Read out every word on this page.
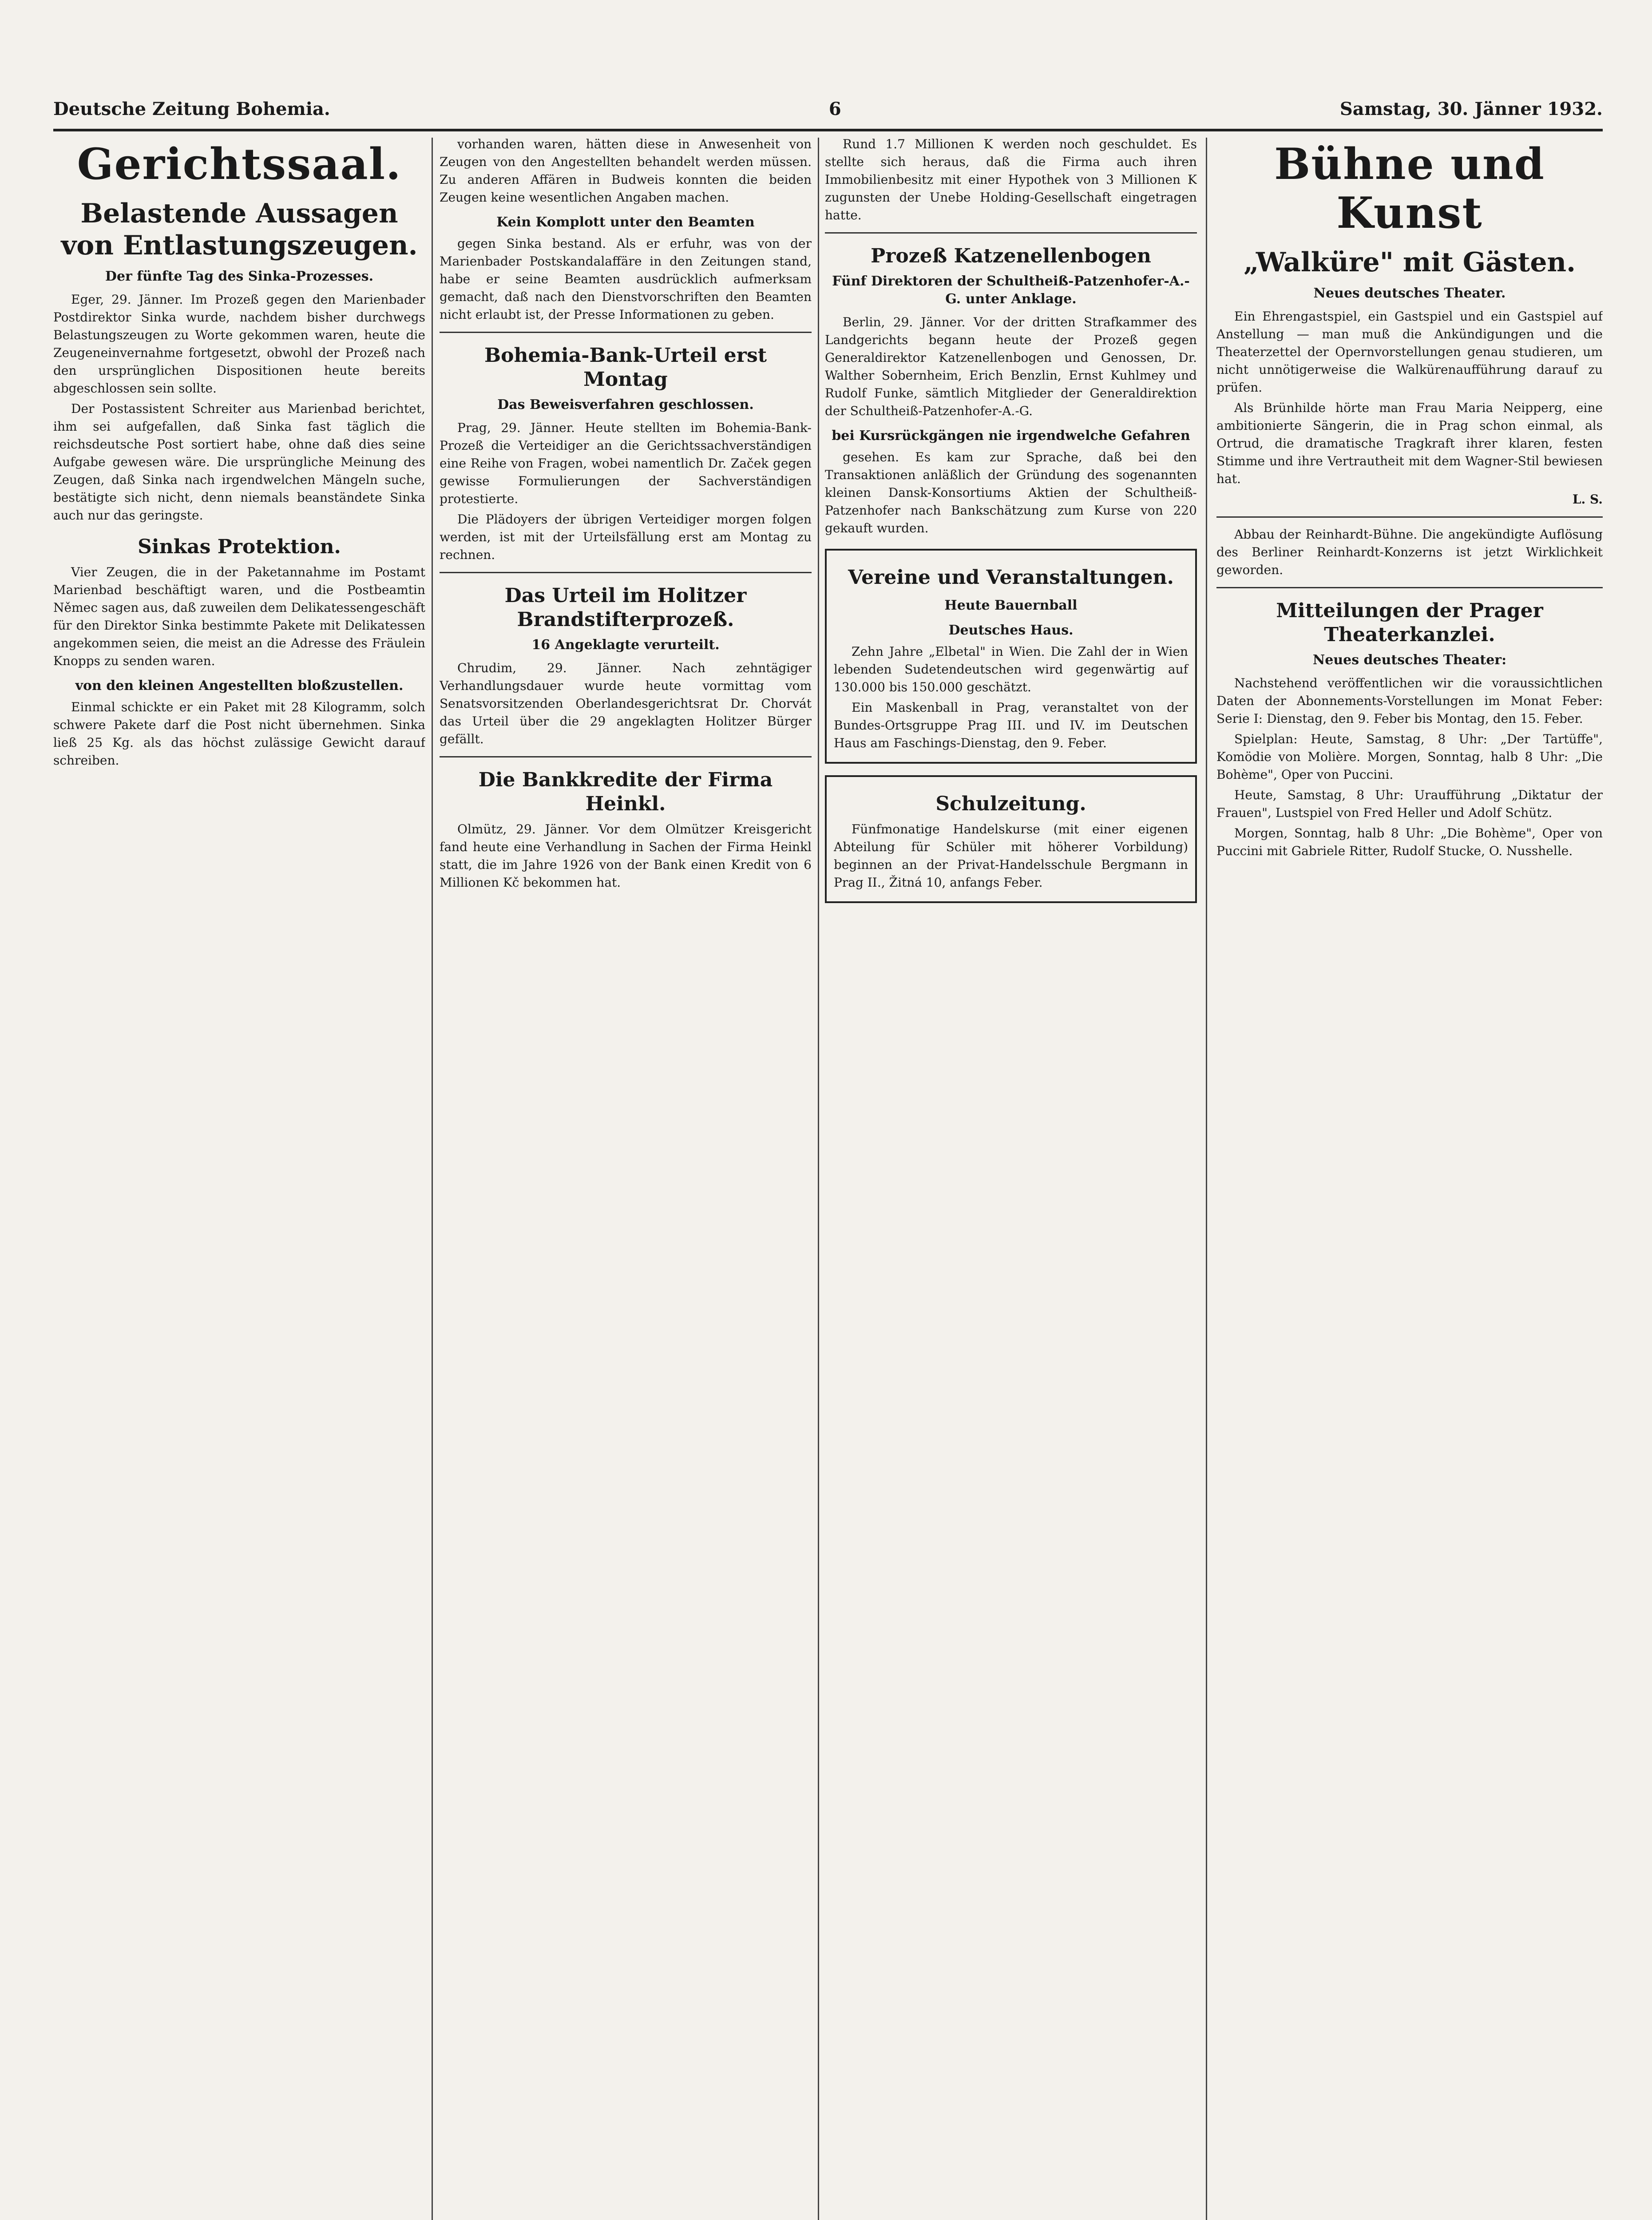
Deutsche Zeitung Bohemia.	6	Samstag, 30. Jänner 1932.
Gerichtssaal.
Belastende Aussagen von Entlastungszeugen.
Der fünfte Tag des Sinka-Prozesses.

Eger, 29. Jänner. Im Prozeß gegen den Marienbader Postdirektor Sinka wurde, nachdem bisher durchwegs Belastungszeugen zu Worte gekommen waren, heute die Zeugeneinvernahme fortgesetzt, obwohl der Prozeß nach den ursprünglichen Dispositionen heute bereits abgeschlossen sein sollte.

Der Postassistent Schreiter aus Marienbad berichtet, ihm sei aufgefallen, daß Sinka fast täglich die reichsdeutsche Post sortiert habe, ohne daß dies seine Aufgabe gewesen wäre. Die ursprüngliche Meinung des Zeugen, daß Sinka nach irgendwelchen Mängeln suche, bestätigte sich nicht, denn niemals beanständete Sinka auch nur das geringste.

Sinkas Protektion.

Vier Zeugen, die in der Paketannahme im Postamt Marienbad beschäftigt waren, und die Postbeamtin Němec sagen aus, daß zuweilen dem Delikatessengeschäft für den Direktor Sinka bestimmte Pakete mit Delikatessen angekommen seien, die meist an die Adresse des Fräulein Knopps zu senden waren.

von den kleinen Angestellten bloßzustellen.

Einmal schickte er ein Paket mit 28 Kilogramm, solch schwere Pakete darf die Post nicht übernehmen. Sinka ließ 25 Kg. als das höchst zulässige Gewicht darauf schreiben.

vorhanden waren, hätten diese in Anwesenheit von Zeugen von den Angestellten behandelt werden müssen. Zu anderen Affären in Budweis konnten die beiden Zeugen keine wesentlichen Angaben machen.

Kein Komplott unter den Beamten

gegen Sinka bestand. Als er erfuhr, was von der Marienbader Postskandalaffäre in den Zeitungen stand, habe er seine Beamten ausdrücklich aufmerksam gemacht, daß nach den Dienstvorschriften den Beamten nicht erlaubt ist, der Presse Informationen zu geben.

Bohemia-Bank-Urteil erst Montag
Das Beweisverfahren geschlossen.

Prag, 29. Jänner. Heute stellten im Bohemia-Bank-Prozeß die Verteidiger an die Gerichtssachverständigen eine Reihe von Fragen, wobei namentlich Dr. Začek gegen gewisse Formulierungen der Sachverständigen protestierte.

Die Plädoyers der übrigen Verteidiger morgen folgen werden, ist mit der Urteilsfällung erst am Montag zu rechnen.

Das Urteil im Holitzer Brandstifterprozeß.
16 Angeklagte verurteilt.

Chrudim, 29. Jänner. Nach zehntägiger Verhandlungsdauer wurde heute vormittag vom Senatsvorsitzenden Oberlandesgerichtsrat Dr. Chorvát das Urteil über die 29 angeklagten Holitzer Bürger gefällt.

Die Bankkredite der Firma Heinkl.

Olmütz, 29. Jänner. Vor dem Olmützer Kreisgericht fand heute eine Verhandlung in Sachen der Firma Heinkl statt, die im Jahre 1926 von der Bank einen Kredit von 6 Millionen Kč bekommen hat.

Rund 1.7 Millionen K werden noch geschuldet. Es stellte sich heraus, daß die Firma auch ihren Immobilienbesitz mit einer Hypothek von 3 Millionen K zugunsten der Unebe Holding-Gesellschaft eingetragen hatte.

Prozeß Katzenellenbogen
Fünf Direktoren der Schultheiß-Patzenhofer-A.-G. unter Anklage.

Berlin, 29. Jänner. Vor der dritten Strafkammer des Landgerichts begann heute der Prozeß gegen Generaldirektor Katzenellenbogen und Genossen, Dr. Walther Sobernheim, Erich Benzlin, Ernst Kuhlmey und Rudolf Funke, sämtlich Mitglieder der Generaldirektion der Schultheiß-Patzenhofer-A.-G.

bei Kursrückgängen nie irgendwelche Gefahren

gesehen. Es kam zur Sprache, daß bei den Transaktionen anläßlich der Gründung des sogenannten kleinen Dansk-Konsortiums Aktien der Schultheiß-Patzenhofer nach Bankschätzung zum Kurse von 220 gekauft wurden.

Vereine und Veranstaltungen.
Heute Bauernball
Deutsches Haus.

Zehn Jahre „Elbetal" in Wien. Die Zahl der in Wien lebenden Sudetendeutschen wird gegenwärtig auf 130.000 bis 150.000 geschätzt.

Ein Maskenball in Prag, veranstaltet von der Bundes-Ortsgruppe Prag III. und IV. im Deutschen Haus am Faschings-Dienstag, den 9. Feber.

Schulzeitung.

Fünfmonatige Handelskurse (mit einer eigenen Abteilung für Schüler mit höherer Vorbildung) beginnen an der Privat-Handelsschule Bergmann in Prag II., Žitná 10, anfangs Feber.

Bühne und Kunst
„Walküre" mit Gästen.
Neues deutsches Theater.

Ein Ehrengastspiel, ein Gastspiel und ein Gastspiel auf Anstellung — man muß die Ankündigungen und die Theaterzettel der Opernvorstellungen genau studieren, um nicht unnötigerweise die Walkürenaufführung darauf zu prüfen.

Als Brünhilde hörte man Frau Maria Neipperg, eine ambitionierte Sängerin, die in Prag schon einmal, als Ortrud, die dramatische Tragkraft ihrer klaren, festen Stimme und ihre Vertrautheit mit dem Wagner-Stil bewiesen hat.

L. S.

Abbau der Reinhardt-Bühne. Die angekündigte Auflösung des Berliner Reinhardt-Konzerns ist jetzt Wirklichkeit geworden.

Mitteilungen der Prager Theaterkanzlei.
Neues deutsches Theater:

Nachstehend veröffentlichen wir die voraussichtlichen Daten der Abonnements-Vorstellungen im Monat Feber: Serie I: Dienstag, den 9. Feber bis Montag, den 15. Feber.

Spielplan: Heute, Samstag, 8 Uhr: „Der Tartüffe", Komödie von Molière. Morgen, Sonntag, halb 8 Uhr: „Die Bohème", Oper von Puccini.

Heute, Samstag, 8 Uhr: Uraufführung „Diktatur der Frauen", Lustspiel von Fred Heller und Adolf Schütz.

Morgen, Sonntag, halb 8 Uhr: „Die Bohème", Oper von Puccini mit Gabriele Ritter, Rudolf Stucke, O. Nusshelle.
